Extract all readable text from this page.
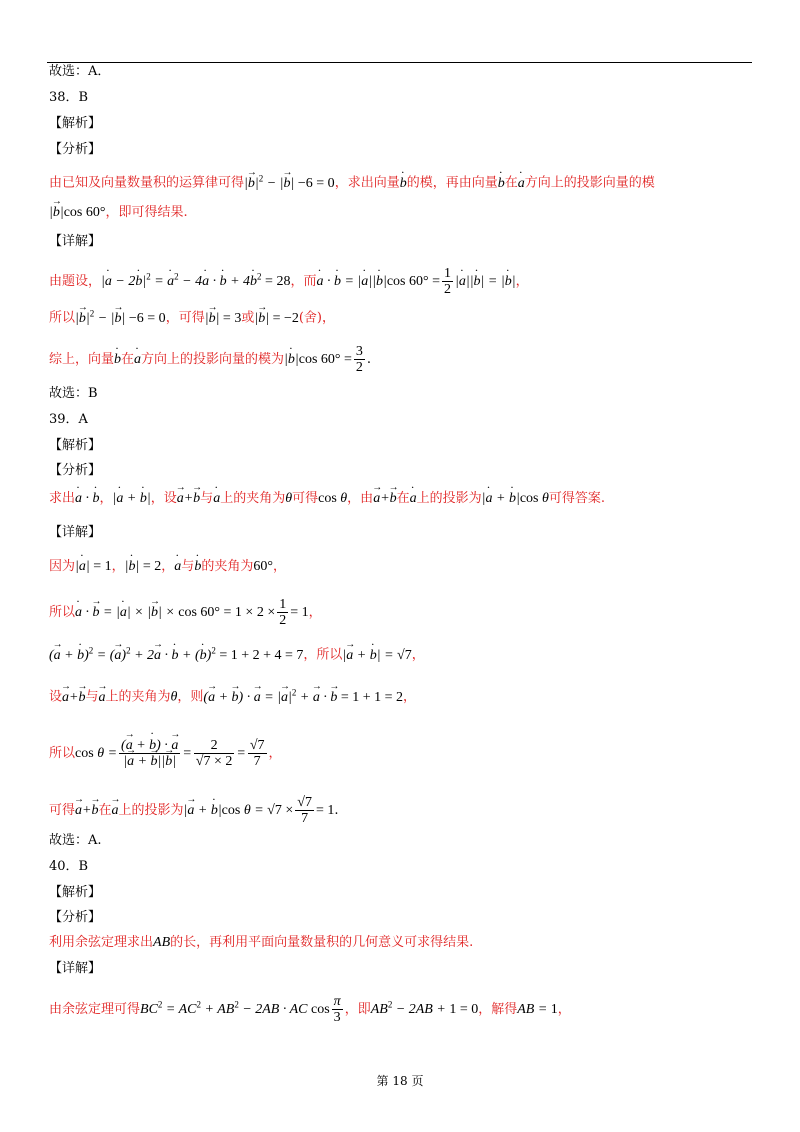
故选：A．
38．B
【解析】
【分析】
由已知及向量数量积的运算律可得|→ $b|^2$ − |→ b| −6 = 0，求出向量· b的模，再由向量· b在· a方向上的投影向量的模
|→ b|cos 60°，即可得结果.
【详解】
由题设，|· $a - 2\cdot b|^2$ = · $a^2 - 4\cdot a$ · · $b + 4\cdot b^2 = 28$，而· a · · b = |· a||· b|cos $60^\circ = \frac{1}{2}$ |· a||· b| = |· b|，
所以|→ $b|^2$ − |→ b| −6 = 0，可得|→ b| = 3或|→ b| = −2(舍)，
综上，向量· b在· a方向上的投影向量的模为|· b|cos $60^\circ = \frac{3}{2}$ .
故选：B
39．A
【解析】
【分析】
求出· a · · b，|· a + · b|，设→ a+→ b与· a上的夹角为θ可得cos θ，由→ a+→ b在· a上的投影为|· a + · b|cos θ可得答案.
【详解】
因为|· a| = 1，|· b| = 2，· a与· b的夹角为60°，
所以· a · → b = |· a| × |→ $b| \times \cos 60^\circ = 1 \times 2 \times \frac{1}{2} = 1$，
(→ a + · b)$^2$ = (→ a)$^2$ + 2→ a · · b + (· b)$^2$ = 1 + 2 + 4 = 7，所以|→ a + · b| = √7，
设→ a+→ b与→ a上的夹角为θ，则(→ a + → b) · → a = |→ $a|^2$ + → a · → b = 1 + 1 = 2，
所以$\cos \theta = \frac{(\to a + \cdot b) \cdot \to a}{|\to a + \to b||\to b|} = \frac{2}{√7 \times 2} = \frac{√7}{7}$ ，
可得→ a+→ b在→ a上的投影为|→ a + · b|cos $\theta = √7 \times \frac{√7}{7} = 1$.
故选：A.
40．B
【解析】
【分析】
利用余弦定理求出AB的长，再利用平面向量数量积的几何意义可求得结果.
【详解】
由余弦定理可得$BC^2 = AC^2 + AB^2 - 2AB$ · AC $\cos \frac{\pi}{3}$ ，即$AB^2 - 2AB + 1 = 0$，解得AB = 1，
第 18 页
